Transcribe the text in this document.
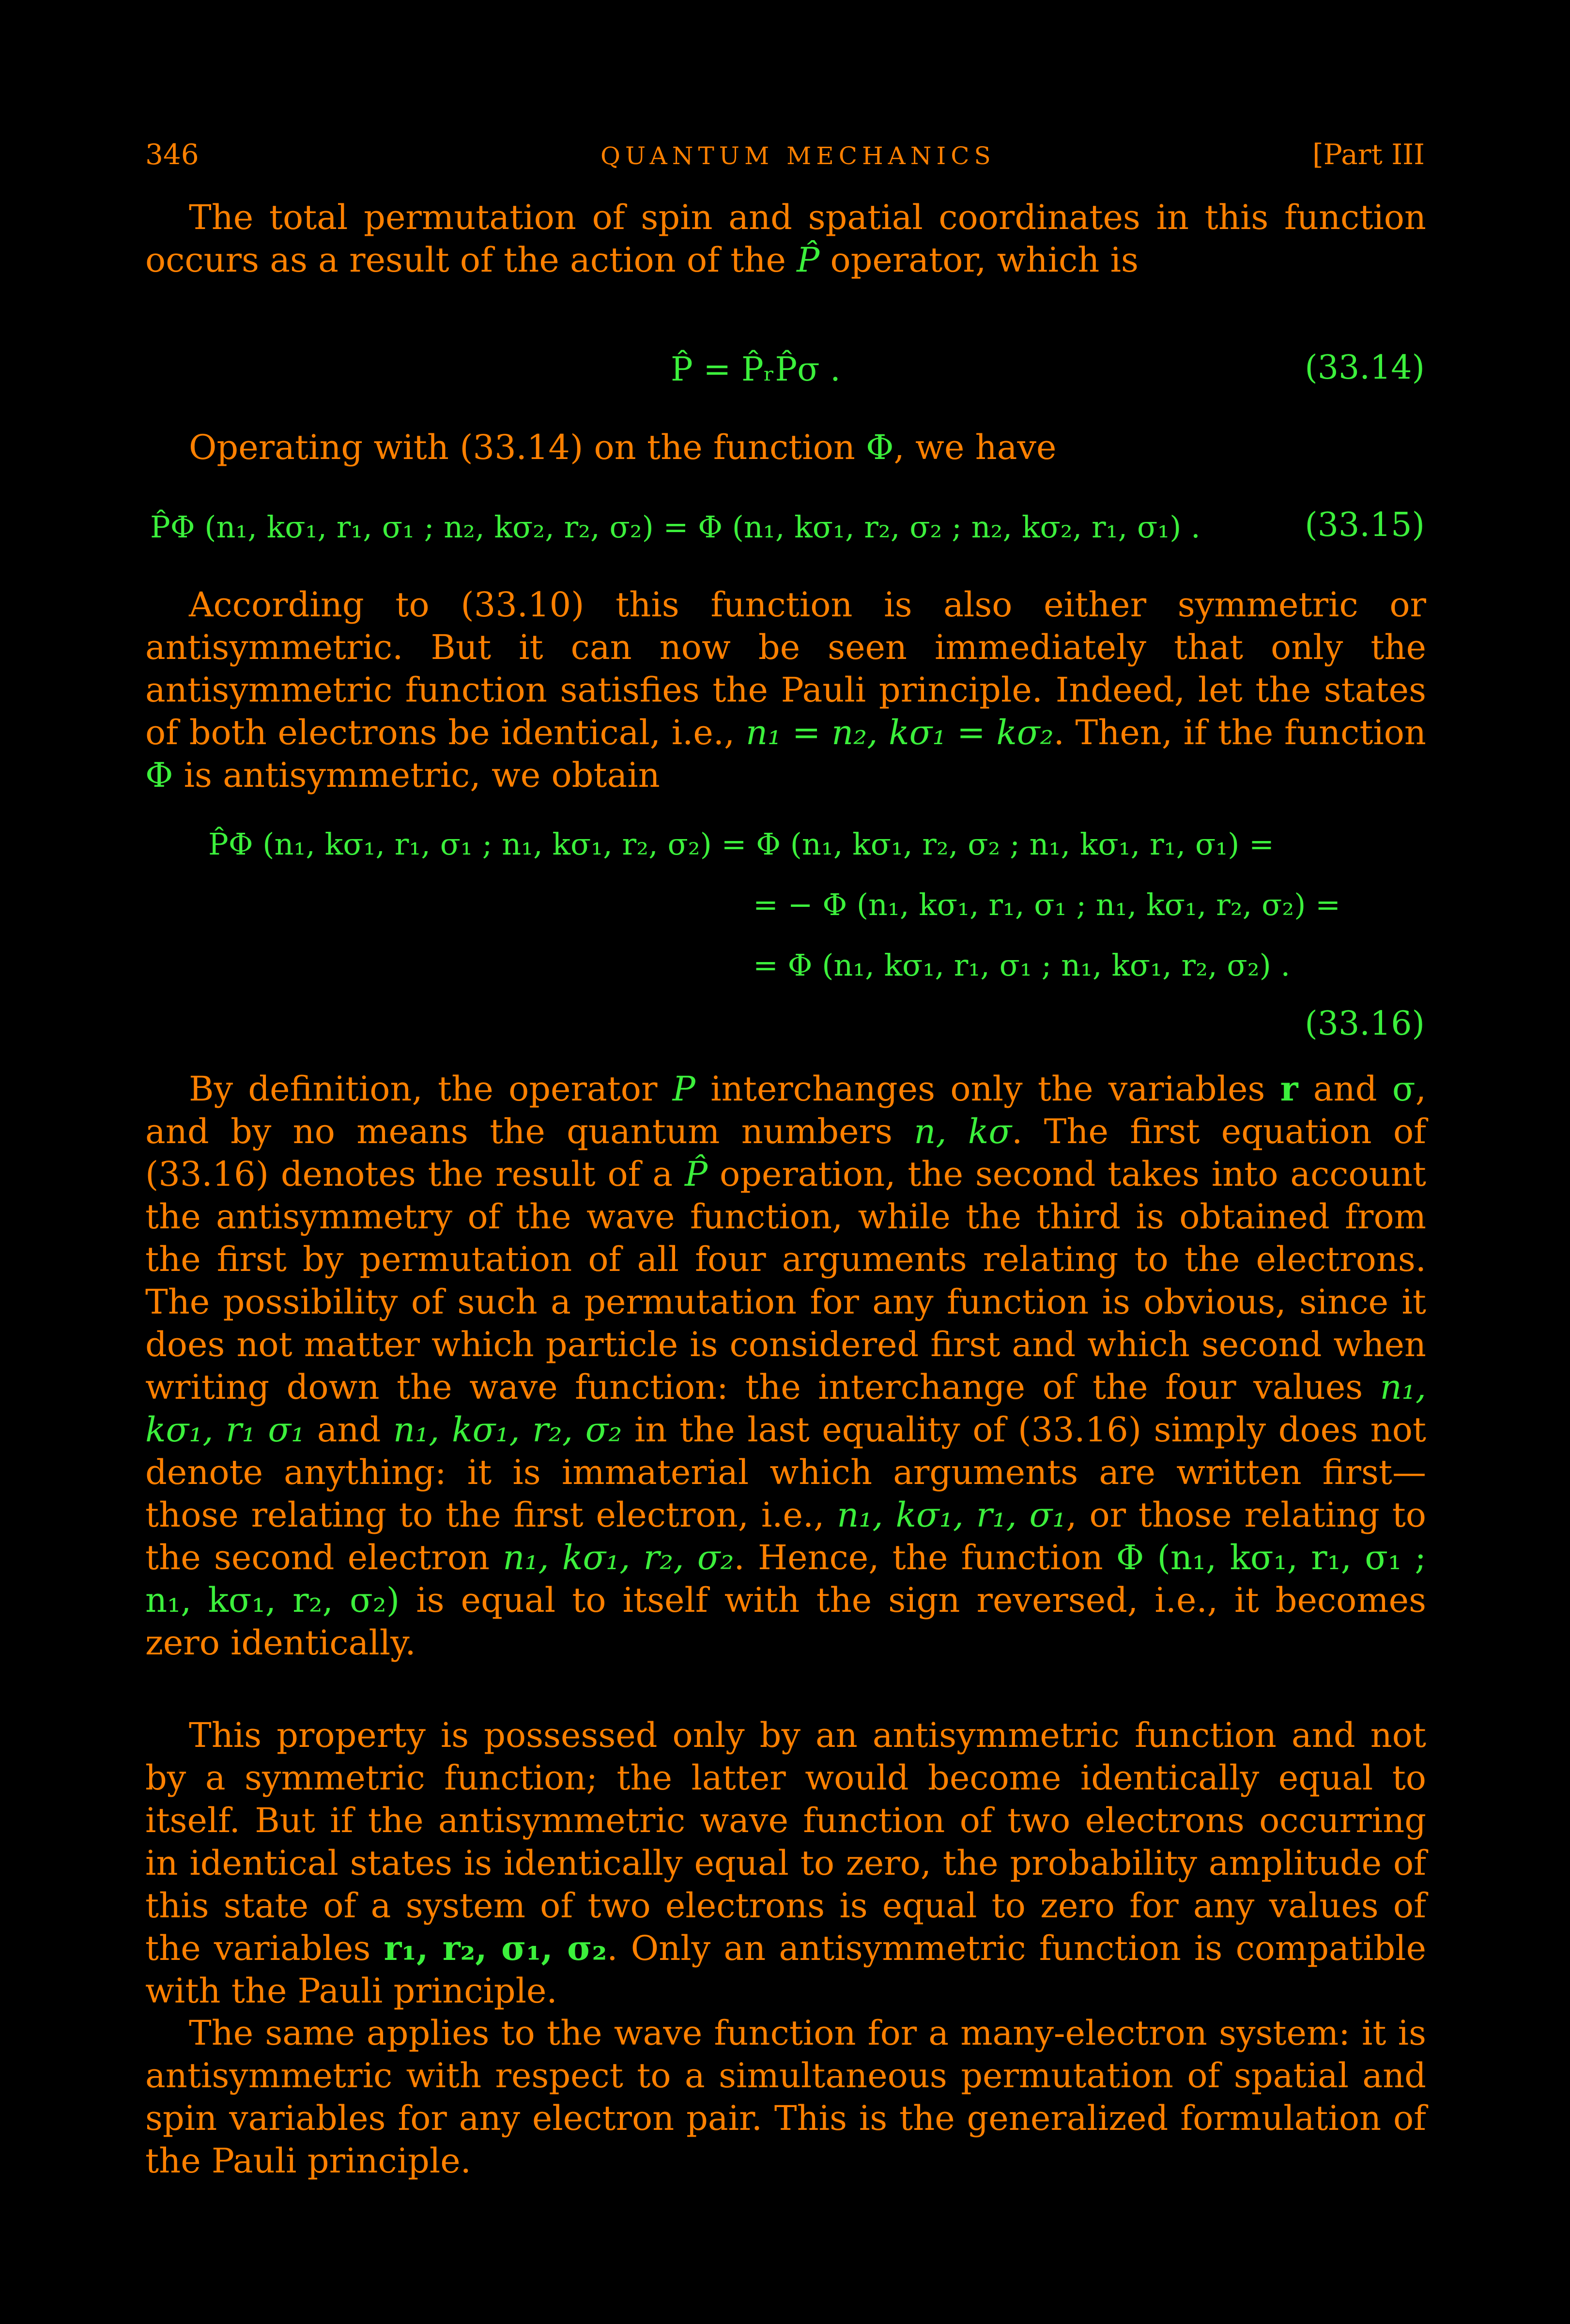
346	QUANTUM MECHANICS	[Part III

The total permutation of spin and spatial coordinates in this function occurs as a result of the action of the P̂ operator, which is

P̂ = P̂ᵣP̂σ .	(33.14)

Operating with (33.14) on the function Φ, we have

P̂Φ (n₁, kσ₁, r₁, σ₁ ; n₂, kσ₂, r₂, σ₂) = Φ (n₁, kσ₁, r₂, σ₂ ; n₂, kσ₂, r₁, σ₁) .	(33.15)

According to (33.10) this function is also either symmetric or antisymmetric. But it can now be seen immediately that only the antisymmetric function satisfies the Pauli principle. Indeed, let the states of both electrons be identical, i.e., n₁ = n₂, kσ₁ = kσ₂. Then, if the function Φ is antisymmetric, we obtain

P̂Φ (n₁, kσ₁, r₁, σ₁ ; n₁, kσ₁, r₂, σ₂) = Φ (n₁, kσ₁, r₂, σ₂ ; n₁, kσ₁, r₁, σ₁) =
= − Φ (n₁, kσ₁, r₁, σ₁ ; n₁, kσ₁, r₂, σ₂) =
= Φ (n₁, kσ₁, r₁, σ₁ ; n₁, kσ₁, r₂, σ₂) .
(33.16)

By definition, the operator P interchanges only the variables r and σ, and by no means the quantum numbers n, kσ. The first equation of (33.16) denotes the result of a P̂ operation, the second takes into account the antisymmetry of the wave function, while the third is obtained from the first by permutation of all four arguments relating to the electrons. The possibility of such a permutation for any function is obvious, since it does not matter which particle is considered first and which second when writing down the wave function: the interchange of the four values n₁, kσ₁, r₁ σ₁ and n₁, kσ₁, r₂, σ₂ in the last equality of (33.16) simply does not denote anything: it is immaterial which arguments are written first—those relating to the first electron, i.e., n₁, kσ₁, r₁, σ₁, or those relating to the second electron n₁, kσ₁, r₂, σ₂. Hence, the function Φ (n₁, kσ₁, r₁, σ₁ ; n₁, kσ₁, r₂, σ₂) is equal to itself with the sign reversed, i.e., it becomes zero identically.

This property is possessed only by an antisymmetric function and not by a symmetric function; the latter would become identically equal to itself. But if the antisymmetric wave function of two electrons occurring in identical states is identically equal to zero, the probability amplitude of this state of a system of two electrons is equal to zero for any values of the variables r₁, r₂, σ₁, σ₂. Only an antisymmetric function is compatible with the Pauli principle.

The same applies to the wave function for a many-electron system: it is antisymmetric with respect to a simultaneous permutation of spatial and spin variables for any electron pair. This is the generalized formulation of the Pauli principle.
